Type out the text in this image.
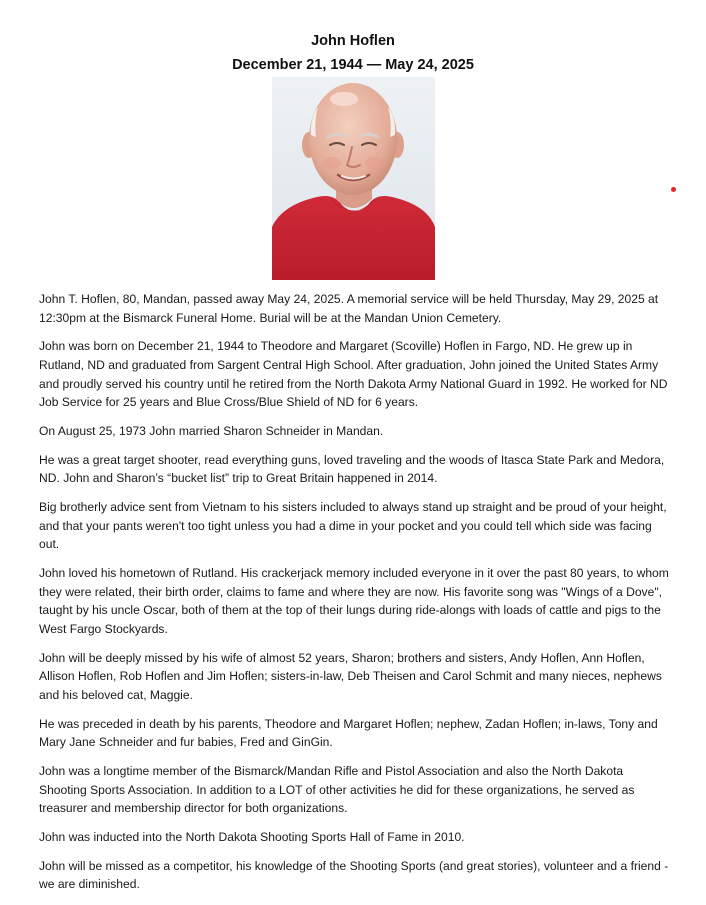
John Hoflen
December 21, 1944 — May 24, 2025

John T. Hoflen, 80, Mandan, passed away May 24, 2025. A memorial service will be held Thursday, May 29, 2025 at 12:30pm at the Bismarck Funeral Home. Burial will be at the Mandan Union Cemetery.

John was born on December 21, 1944 to Theodore and Margaret (Scoville) Hoflen in Fargo, ND. He grew up in Rutland, ND and graduated from Sargent Central High School. After graduation, John joined the United States Army and proudly served his country until he retired from the North Dakota Army National Guard in 1992. He worked for ND Job Service for 25 years and Blue Cross/Blue Shield of ND for 6 years.

On August 25, 1973 John married Sharon Schneider in Mandan.

He was a great target shooter, read everything guns, loved traveling and the woods of Itasca State Park and Medora, ND. John and Sharon’s “bucket list” trip to Great Britain happened in 2014.

Big brotherly advice sent from Vietnam to his sisters included to always stand up straight and be proud of your height, and that your pants weren't too tight unless you had a dime in your pocket and you could tell which side was facing out.

John loved his hometown of Rutland. His crackerjack memory included everyone in it over the past 80 years, to whom they were related, their birth order, claims to fame and where they are now. His favorite song was "Wings of a Dove", taught by his uncle Oscar, both of them at the top of their lungs during ride-alongs with loads of cattle and pigs to the West Fargo Stockyards.

John will be deeply missed by his wife of almost 52 years, Sharon; brothers and sisters, Andy Hoflen, Ann Hoflen, Allison Hoflen, Rob Hoflen and Jim Hoflen; sisters-in-law, Deb Theisen and Carol Schmit and many nieces, nephews and his beloved cat, Maggie.

He was preceded in death by his parents, Theodore and Margaret Hoflen; nephew, Zadan Hoflen; in-laws, Tony and Mary Jane Schneider and fur babies, Fred and GinGin.

John was a longtime member of the Bismarck/Mandan Rifle and Pistol Association and also the North Dakota Shooting Sports Association. In addition to a LOT of other activities he did for these organizations, he served as treasurer and membership director for both organizations.

John was inducted into the North Dakota Shooting Sports Hall of Fame in 2010.

John will be missed as a competitor, his knowledge of the Shooting Sports (and great stories), volunteer and a friend - we are diminished.
